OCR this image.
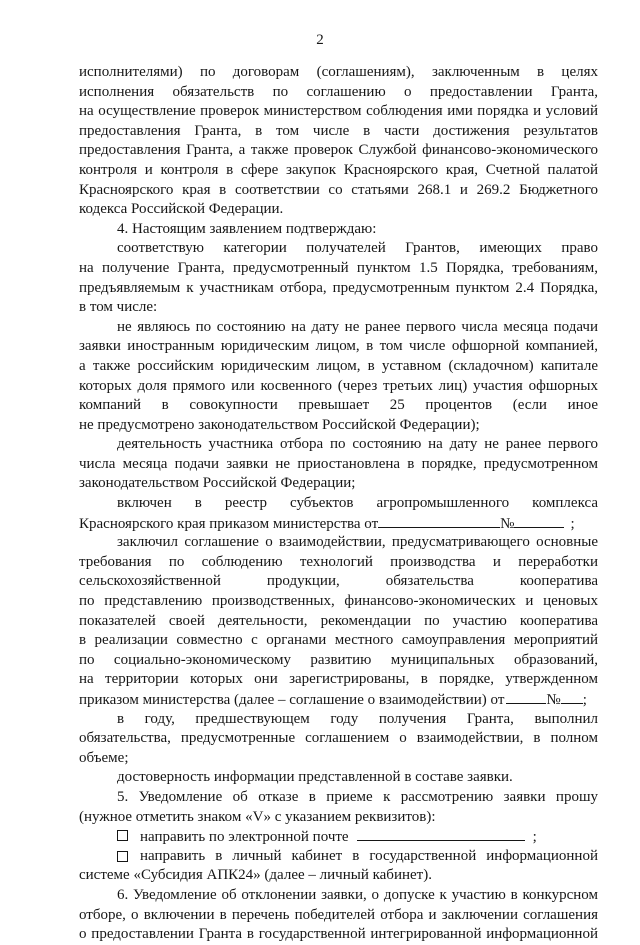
2
исполнителями) по договорам (соглашениям), заключенным в целях
исполнения обязательств по соглашению о предоставлении Гранта,
на осуществление проверок министерством соблюдения ими порядка и условий
предоставления Гранта, в том числе в части достижения результатов
предоставления Гранта, а также проверок Службой финансово-экономического
контроля и контроля в сфере закупок Красноярского края, Счетной палатой
Красноярского края в соответствии со статьями 268.1 и 269.2 Бюджетного
кодекса Российской Федерации.
4. Настоящим заявлением подтверждаю:
соответствую категории получателей Грантов, имеющих право
на получение Гранта, предусмотренный пунктом 1.5 Порядка, требованиям,
предъявляемым к участникам отбора, предусмотренным пунктом 2.4 Порядка,
в том числе:
не являюсь по состоянию на дату не ранее первого числа месяца подачи
заявки иностранным юридическим лицом, в том числе офшорной компанией,
а также российским юридическим лицом, в уставном (складочном) капитале
которых доля прямого или косвенного (через третьих лиц) участия офшорных
компаний в совокупности превышает 25 процентов (если иное
не предусмотрено законодательством Российской Федерации);
деятельность участника отбора по состоянию на дату не ранее первого
числа месяца подачи заявки не приостановлена в порядке, предусмотренном
законодательством Российской Федерации;
включен в реестр субъектов агропромышленного комплекса
Красноярского края приказом министерства от	№	;
заключил соглашение о взаимодействии, предусматривающего основные
требования по соблюдению технологий производства и переработки
сельскохозяйственной продукции, обязательства кооператива
по представлению производственных, финансово-экономических и ценовых
показателей своей деятельности, рекомендации по участию кооператива
в реализации совместно с органами местного самоуправления мероприятий
по социально-экономическому развитию муниципальных образований,
на территории которых они зарегистрированы, в порядке, утвержденном
приказом министерства (далее – соглашение о взаимодействии) от	№ ;
в году, предшествующем году получения Гранта, выполнил
обязательства, предусмотренные соглашением о взаимодействии, в полном
объеме;
достоверность информации представленной в составе заявки.
5. Уведомление об отказе в приеме к рассмотрению заявки прошу
(нужное отметить знаком «V» с указанием реквизитов):
направить по электронной почте	;
направить в личный кабинет в государственной информационной
системе «Субсидия АПК24» (далее – личный кабинет).
6. Уведомление об отклонении заявки, о допуске к участию в конкурсном
отборе, о включении в перечень победителей отбора и заключении соглашения
о предоставлении Гранта в государственной интегрированной информационной
